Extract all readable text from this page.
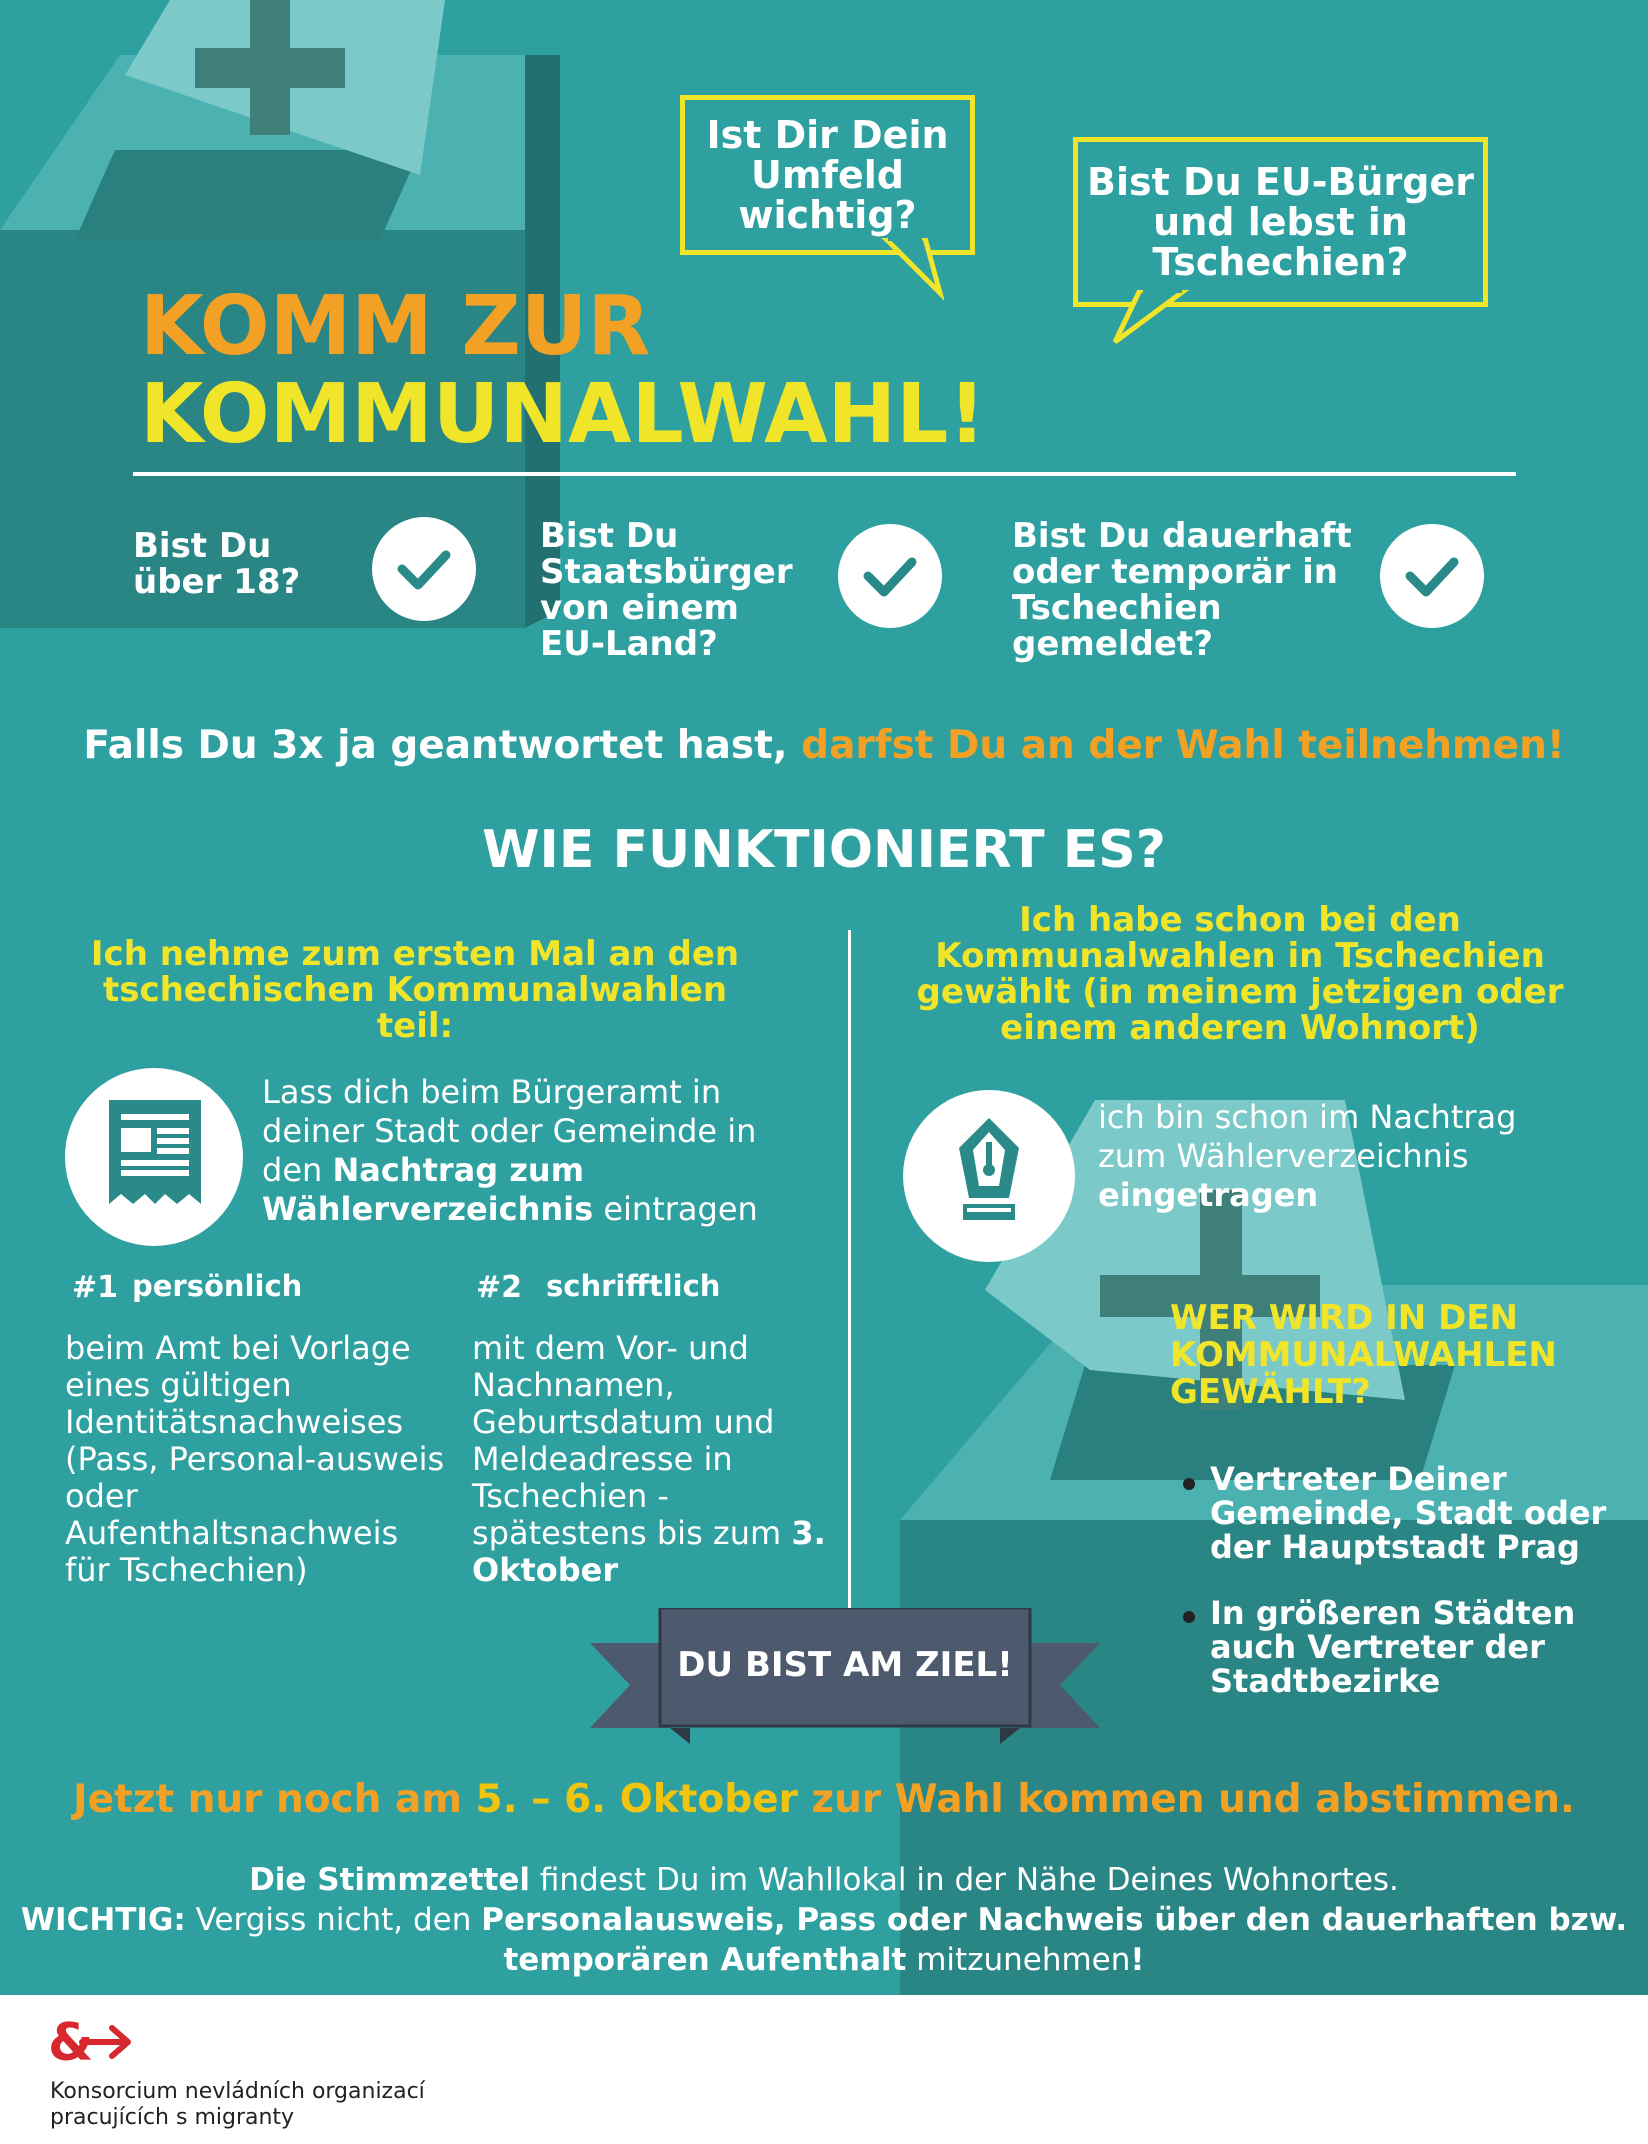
Ist Dir Dein Umfeld wichtig?
Bist Du EU-Bürger und lebst in Tschechien?
KOMM ZUR
KOMMUNALWAHL!
Bist Du über 18?
Bist Du Staatsbürger von einem EU-Land?
Bist Du dauerhaft oder temporär in Tschechien gemeldet?
Falls Du 3x ja geantwortet hast, darfst Du an der Wahl teilnehmen!
WIE FUNKTIONIERT ES?
Ich nehme zum ersten Mal an den tschechischen Kommunalwahlen teil:
Lass dich beim Bürgeramt in deiner Stadt oder Gemeinde in den Nachtrag zum Wählerverzeichnis eintragen
#1 persönlich
beim Amt bei Vorlage eines gültigen Identitätsnachweises (Pass, Personal-ausweis oder Aufenthaltsnachweis für Tschechien)
#2 schrifftlich
mit dem Vor- und Nachnamen, Geburtsdatum und Meldeadresse in Tschechien - spätestens bis zum 3. Oktober
Ich habe schon bei den Kommunalwahlen in Tschechien gewählt (in meinem jetzigen oder einem anderen Wohnort)
ich bin schon im Nachtrag zum Wählerverzeichnis eingetragen
WER WIRD IN DEN KOMMUNALWAHLEN GEWÄHLT?
Vertreter Deiner Gemeinde, Stadt oder der Hauptstadt Prag
In größeren Städten auch Vertreter der Stadtbezirke
DU BIST AM ZIEL!
Jetzt nur noch am 5. – 6. Oktober zur Wahl kommen und abstimmen.
Die Stimmzettel findest Du im Wahllokal in der Nähe Deines Wohnortes.
WICHTIG: Vergiss nicht, den Personalausweis, Pass oder Nachweis über den dauerhaften bzw. temporären Aufenthalt mitzunehmen!
&
Konsorcium nevládních organizací
pracujících s migranty
